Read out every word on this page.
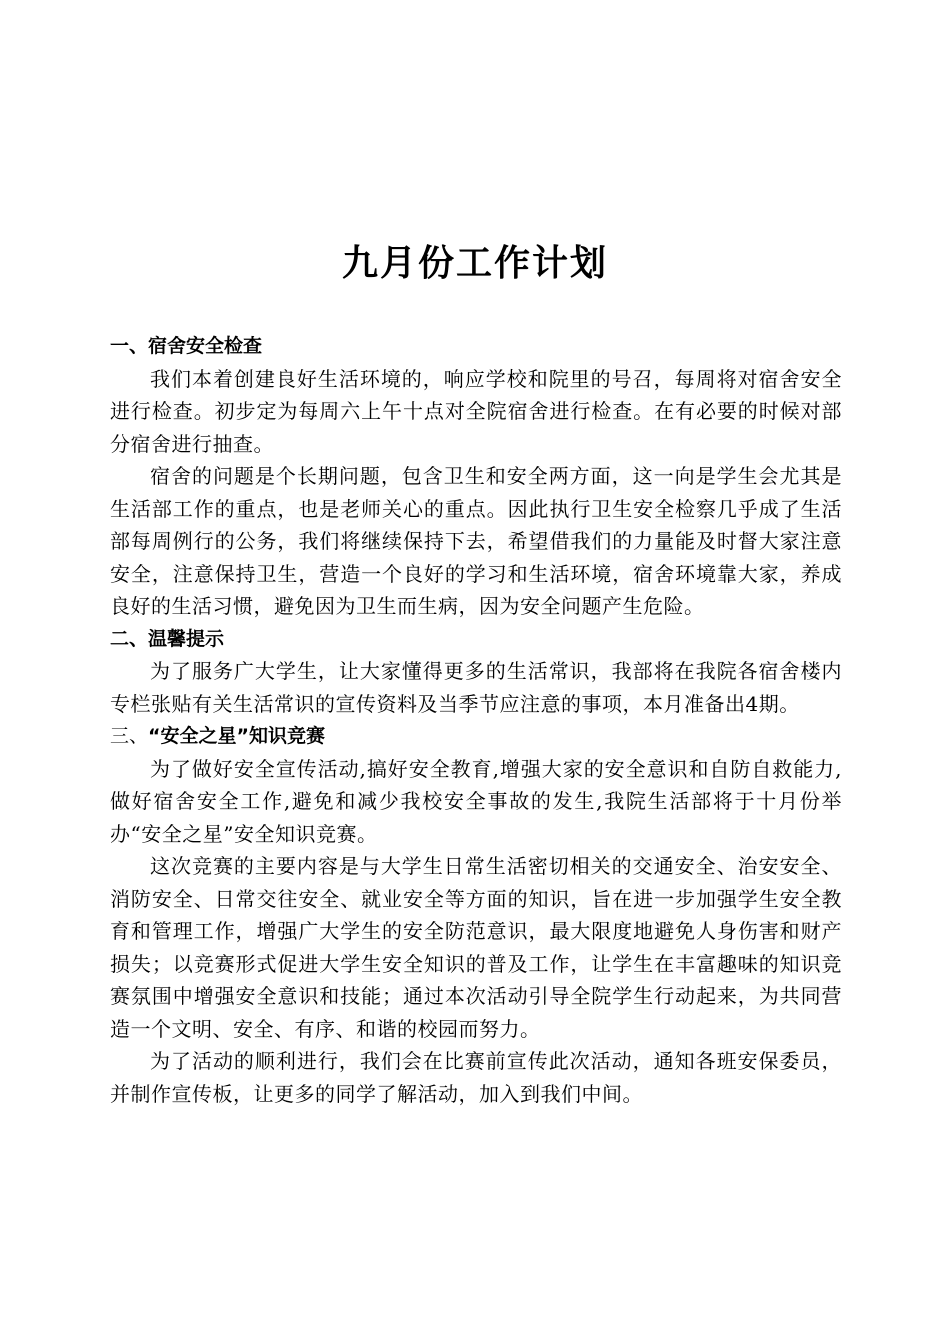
九月份工作计划
一、宿舍安全检查

我们本着创建良好生活环境的，响应学校和院里的号召，每周将对宿舍安全进行检查。初步定为每周六上午十点对全院宿舍进行检查。在有必要的时候对部分宿舍进行抽查。

宿舍的问题是个长期问题，包含卫生和安全两方面，这一向是学生会尤其是生活部工作的重点，也是老师关心的重点。因此执行卫生安全检察几乎成了生活部每周例行的公务，我们将继续保持下去，希望借我们的力量能及时督大家注意安全，注意保持卫生，营造一个良好的学习和生活环境，宿舍环境靠大家，养成良好的生活习惯，避免因为卫生而生病，因为安全问题产生危险。

二、温馨提示

为了服务广大学生，让大家懂得更多的生活常识，我部将在我院各宿舍楼内专栏张贴有关生活常识的宣传资料及当季节应注意的事项，本月准备出4期。

三、“安全之星”知识竞赛

为了做好安全宣传活动,搞好安全教育,增强大家的安全意识和自防自救能力,做好宿舍安全工作,避免和减少我校安全事故的发生,我院生活部将于十月份举办“安全之星”安全知识竞赛。

这次竞赛的主要内容是与大学生日常生活密切相关的交通安全、治安安全、消防安全、日常交往安全、就业安全等方面的知识，旨在进一步加强学生安全教育和管理工作，增强广大学生的安全防范意识，最大限度地避免人身伤害和财产损失；以竞赛形式促进大学生安全知识的普及工作，让学生在丰富趣味的知识竞赛氛围中增强安全意识和技能；通过本次活动引导全院学生行动起来，为共同营造一个文明、安全、有序、和谐的校园而努力。

为了活动的顺利进行，我们会在比赛前宣传此次活动，通知各班安保委员，并制作宣传板，让更多的同学了解活动，加入到我们中间。
